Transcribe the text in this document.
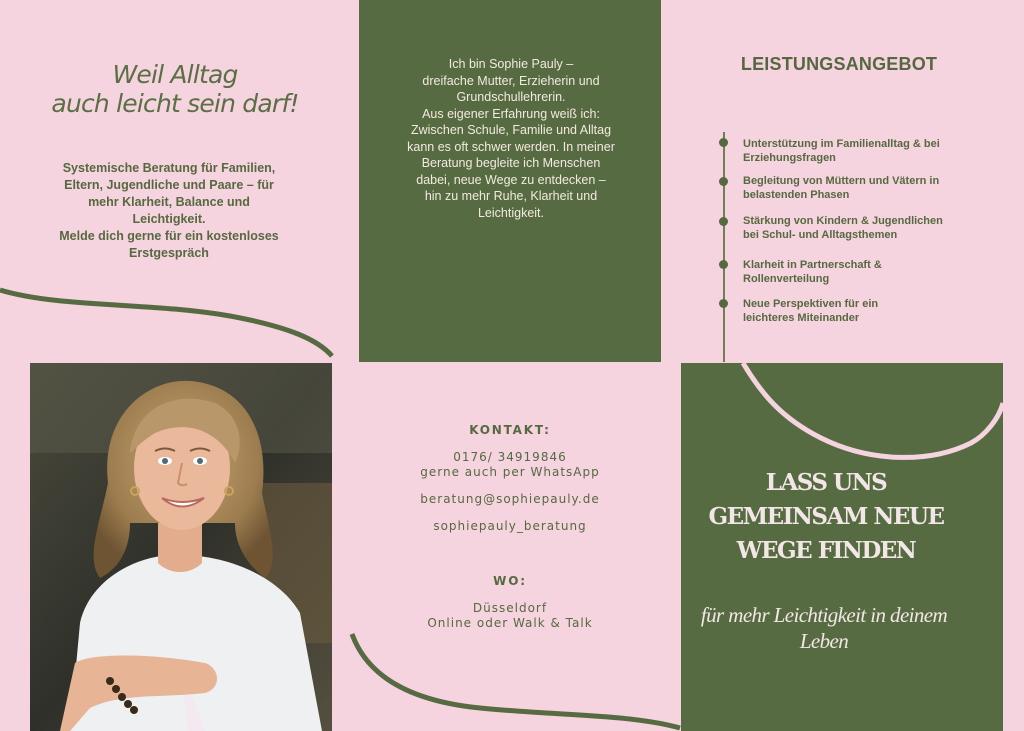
Weil Alltag
auch leicht sein darf!
Systemische Beratung für Familien,
Eltern, Jugendliche und Paare – für
mehr Klarheit, Balance und
Leichtigkeit.
Melde dich gerne für ein kostenloses
Erstgespräch
Ich bin Sophie Pauly –
dreifache Mutter, Erzieherin und
Grundschullehrerin.
Aus eigener Erfahrung weiß ich:
Zwischen Schule, Familie und Alltag
kann es oft schwer werden. In meiner
Beratung begleite ich Menschen
dabei, neue Wege zu entdecken –
hin zu mehr Ruhe, Klarheit und
Leichtigkeit.
LEISTUNGSANGEBOT
Unterstützung im Familienalltag & bei
Erziehungsfragen
Begleitung von Müttern und Vätern in
belastenden Phasen
Stärkung von Kindern & Jugendlichen
bei Schul- und Alltagsthemen
Klarheit in Partnerschaft &
Rollenverteilung
Neue Perspektiven für ein
leichteres Miteinander
KONTAKT:
0176/ 34919846
gerne auch per WhatsApp
beratung@sophiepauly.de
sophiepauly_beratung
WO:
Düsseldorf
Online oder Walk & Talk
LASS UNS
GEMEINSAM NEUE
WEGE FINDEN
für mehr Leichtigkeit in deinem
Leben
